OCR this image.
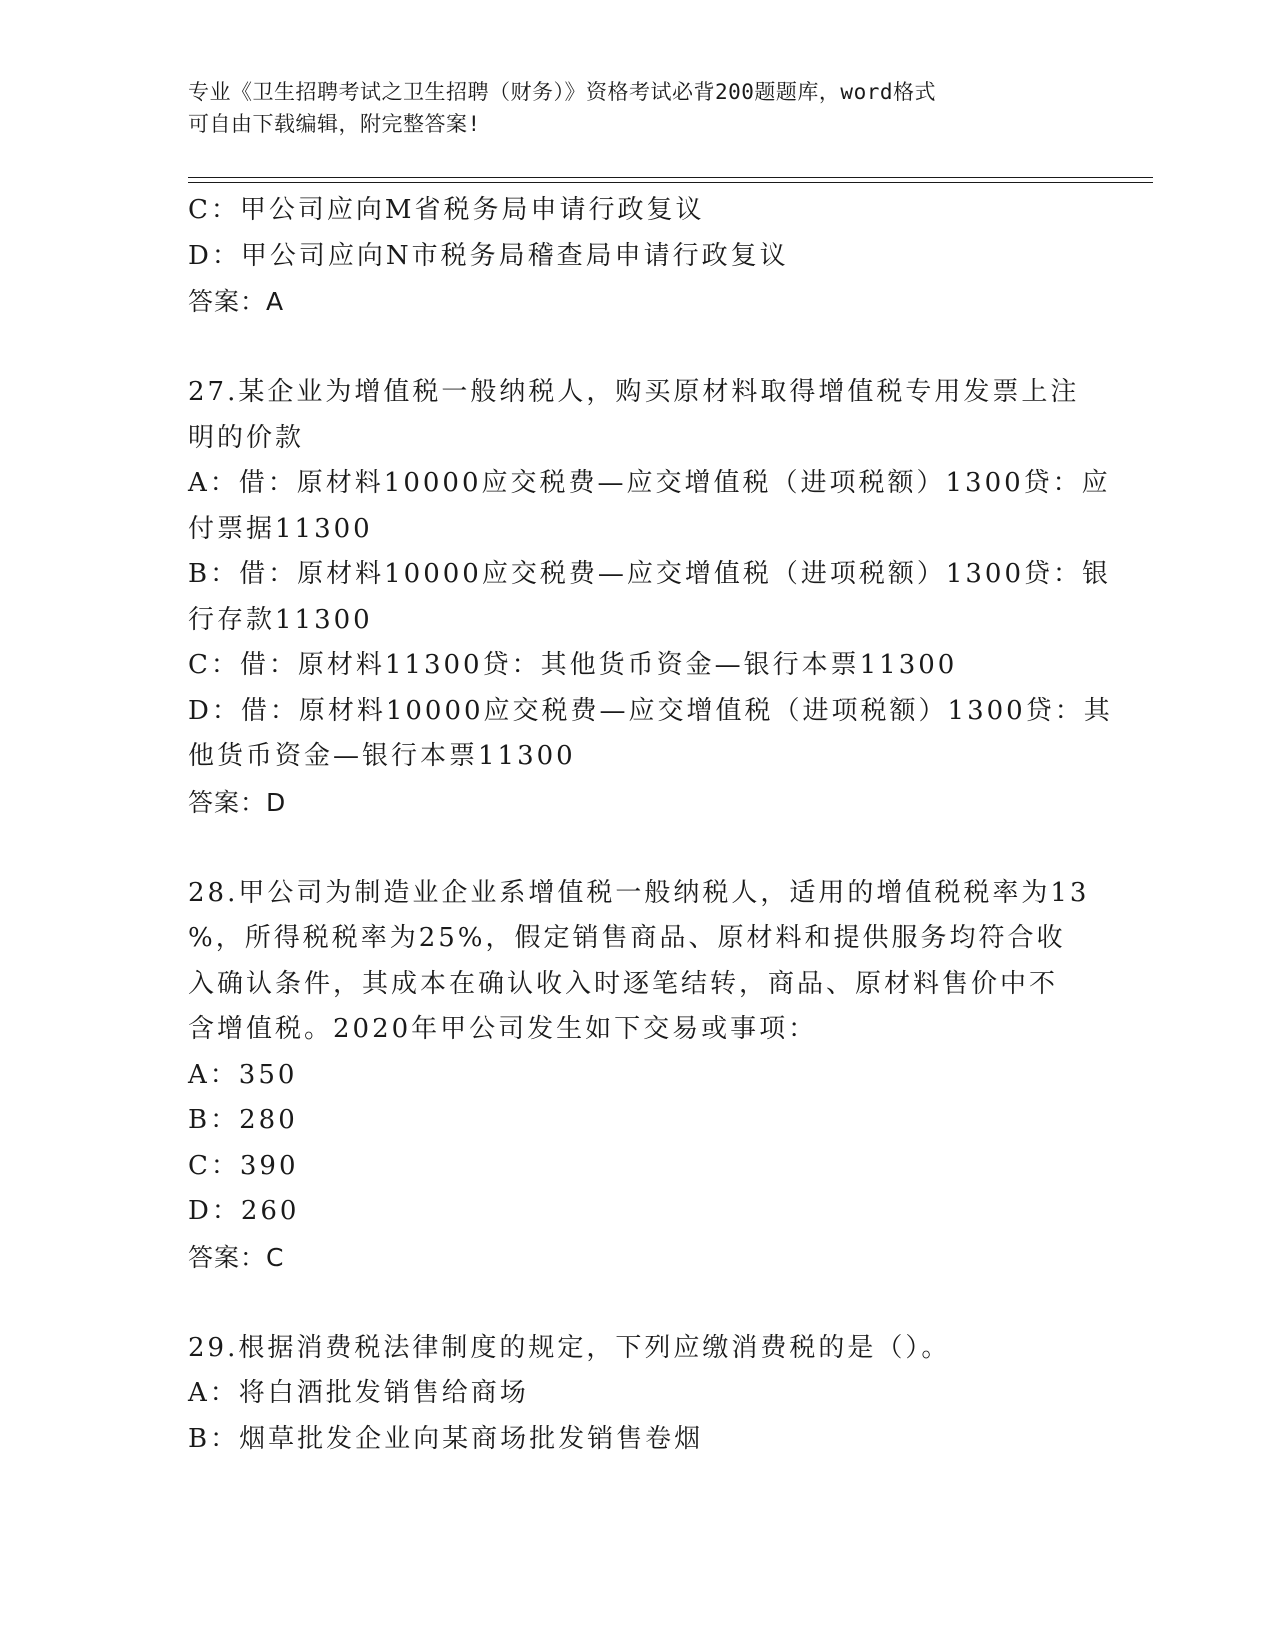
专业《卫生招聘考试之卫生招聘（财务）》资格考试必背200题题库，word格式
可自由下载编辑，附完整答案!
C：甲公司应向M省税务局申请行政复议
D：甲公司应向N市税务局稽查局申请行政复议
答案：A
27.某企业为增值税一般纳税人，购买原材料取得增值税专用发票上注
明的价款
A：借：原材料10000应交税费—应交增值税（进项税额）1300贷：应
付票据11300
B：借：原材料10000应交税费—应交增值税（进项税额）1300贷：银
行存款11300
C：借：原材料11300贷：其他货币资金—银行本票11300
D：借：原材料10000应交税费—应交增值税（进项税额）1300贷：其
他货币资金—银行本票11300
答案：D
28.甲公司为制造业企业系增值税一般纳税人，适用的增值税税率为13
%，所得税税率为25%，假定销售商品、原材料和提供服务均符合收
入确认条件，其成本在确认收入时逐笔结转，商品、原材料售价中不
含增值税。2020年甲公司发生如下交易或事项：
A：350
B：280
C：390
D：260
答案：C
29.根据消费税法律制度的规定，下列应缴消费税的是（）。
A：将白酒批发销售给商场
B：烟草批发企业向某商场批发销售卷烟
